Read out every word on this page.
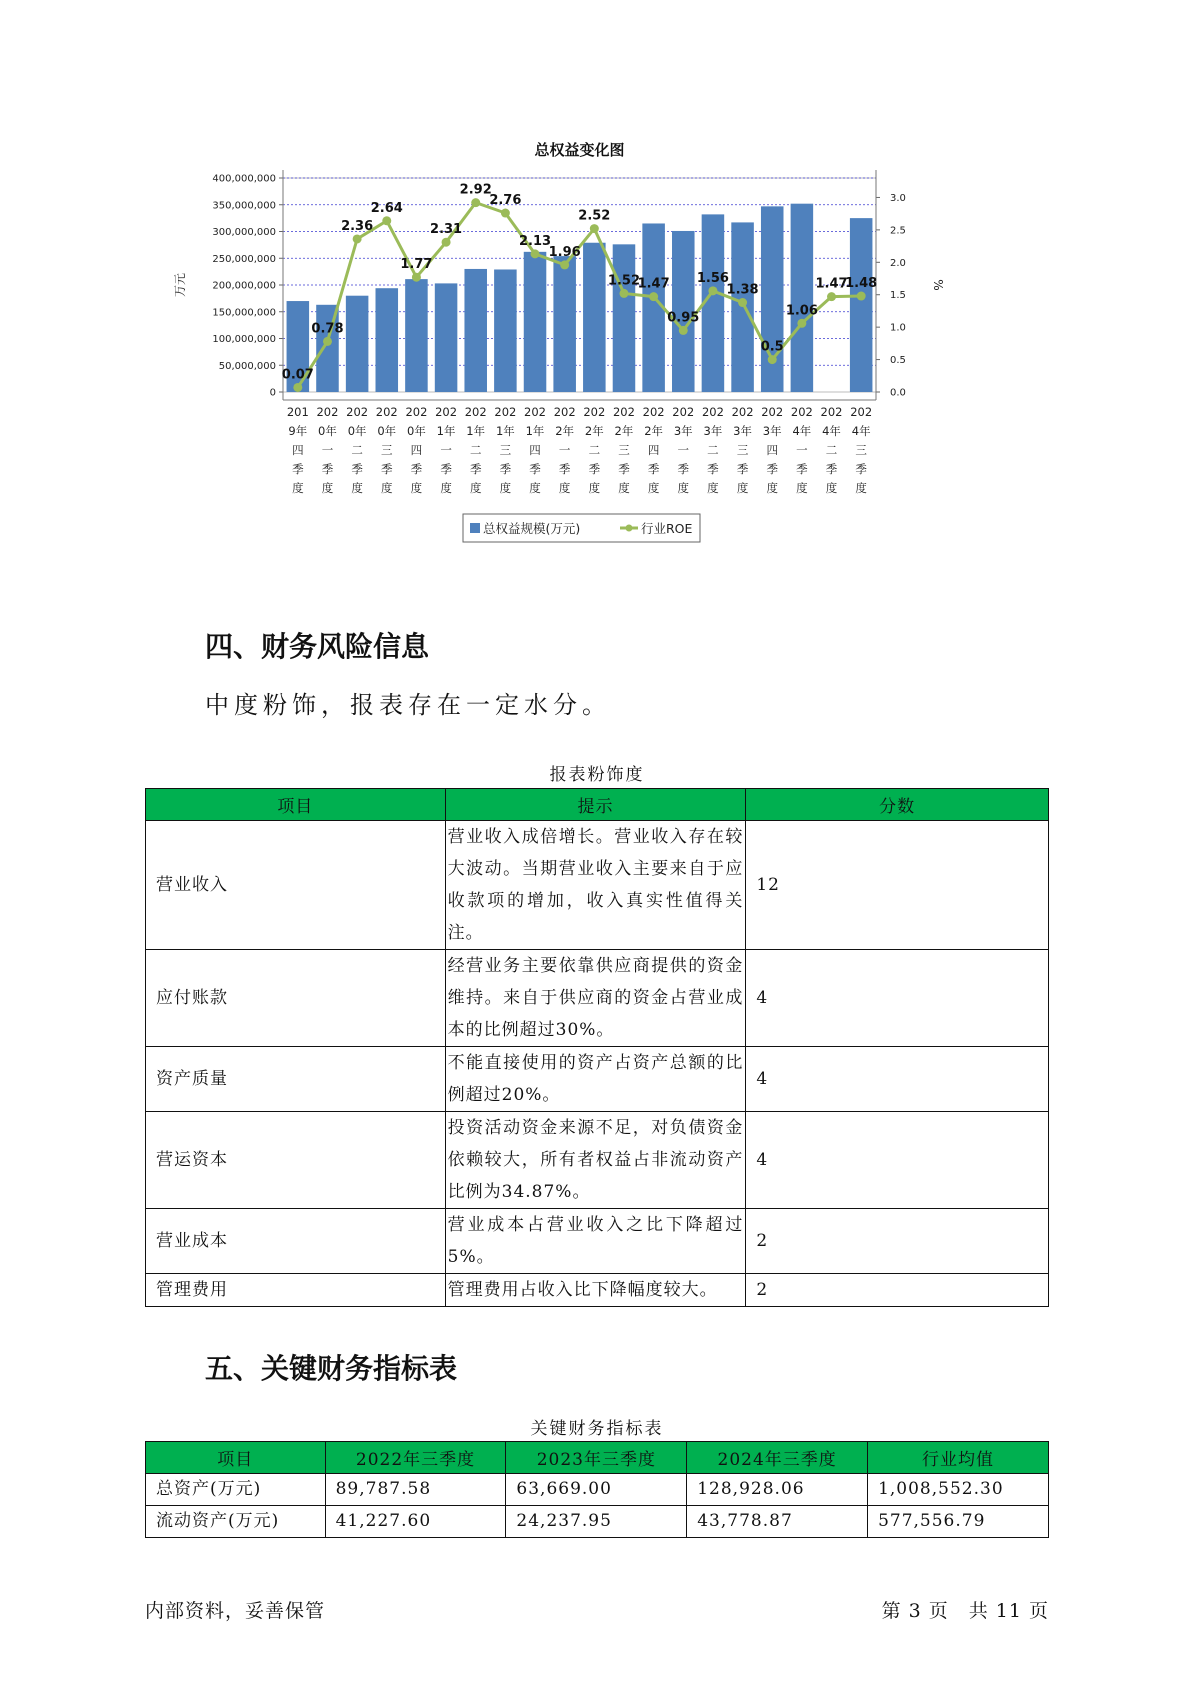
总权益变化图
0
50,000,000
100,000,000
150,000,000
200,000,000
250,000,000
300,000,000
350,000,000
400,000,000
0.0
0.5
1.0
1.5
2.0
2.5
3.0
万元	%
0.07
0.78
2.36
2.64
1.77
2.31
2.92
2.76
2.13
1.96
2.52
1.52
1.47
0.95
1.56
1.38
0.5
1.06
1.47
1.48
201 9年四季度
202 0年一季度
202 0年二季度
202 0年三季度
202 0年四季度
202 1年一季度
202 1年二季度
202 1年三季度
202 1年四季度
202 2年一季度
202 2年二季度
202 2年三季度
202 2年四季度
202 3年一季度
202 3年二季度
202 3年三季度
202 3年四季度
202 4年一季度
202 4年二季度
202 4年三季度
总权益规模(万元)	行业ROE
四、财务风险信息

中度粉饰，报表存在一定水分。

报表粉饰度
项目	提示	分数
营业收入	营业收入成倍增长。营业收入存在较大波动。当期营业收入主要来自于应收款项的增加，收入真实性值得关注。	12
应付账款	经营业务主要依靠供应商提供的资金维持。来自于供应商的资金占营业成本的比例超过30%。	4
资产质量	不能直接使用的资产占资产总额的比例超过20%。	4
营运资本	投资活动资金来源不足，对负债资金依赖较大，所有者权益占非流动资产比例为34.87%。	4
营业成本	营业成本占营业收入之比下降超过5%。	2
管理费用	管理费用占收入比下降幅度较大。	2
五、关键财务指标表
关键财务指标表
项目	2022年三季度	2023年三季度	2024年三季度	行业均值
总资产(万元)	89,787.58	63,669.00	128,928.06	1,008,552.30
流动资产(万元)	41,227.60	24,237.95	43,778.87	577,556.79
内部资料，妥善保管	第 3 页　共 11 页
